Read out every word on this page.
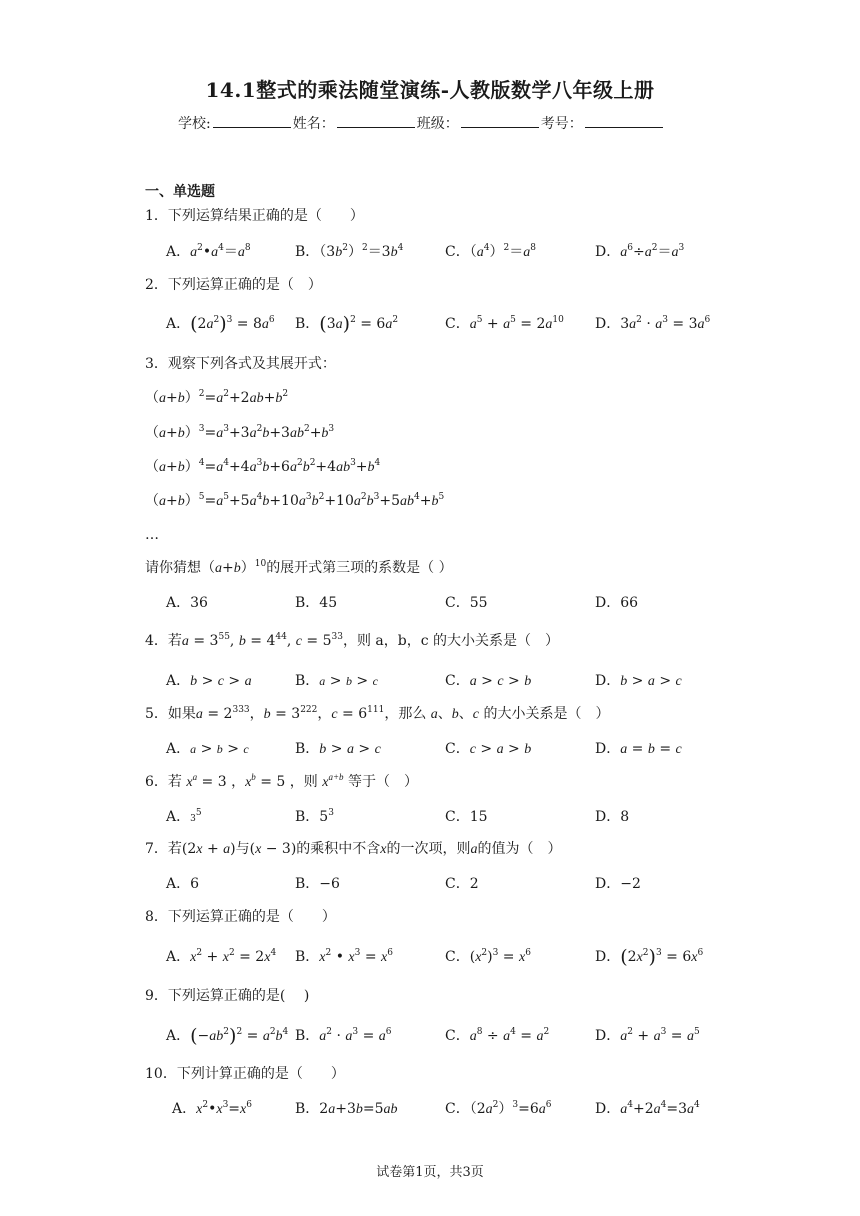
14.1整式的乘法随堂演练-人教版数学八年级上册
学校:	姓名：	班级：	考号：
一、单选题
1．下列运算结果正确的是（　　）
A．$a^2•a^4=a^8$	B．$(3b^2)^2=3b^4$	C．$(a^4)^2=a^8$	D．$a^6\div a^2=a^3$
2．下列运算正确的是（　）
A．$(2a^2)^3 = 8a^6$ B．$(3a)^2 = 6a^2$	C．$a^5 + a^5 = 2a^{10}$ D．$3a^2 \cdot a^3 = 3a^6$
3．观察下列各式及其展开式：
$(a+b)^2=a^2+2ab+b^2$
$(a+b)^3=a^3+3a^2b+3ab^2+b^3$
$(a+b)^4=a^4+4a^3b+6a^2b^2+4ab^3+b^4$
$(a+b)^5=a^5+5a^4b+10a^3b^2+10a^2b^3+5ab^4+b^5$
…
请你猜想$(a+b)^{10}$的展开式第三项的系数是（ ）
A．36	B．45	C．55	D．66
4．若$a = 3^{55}$, $b = 4^{44}$, $c = 5^{33}$，则 a，b，c 的大小关系是（　）
A．b > c > a	B．a > b > c	C．a > c > b	D．b > a > c
5．如果$a = 2^{333}$，$b = 3^{222}$，$c = 6^{111}$，那么 a、b、c 的大小关系是（　）
A．a > b > c	B．b > a > c	C．c > a > b	D．a = b = c
6．若 $x^a = 3$ ，$x^b = 5$ ，则 $x^{a+b}$ 等于（　）
A．$3^5$	B．$5^3$	C．15	D．8
7．若(2x + a)与(x − 3)的乘积中不含x的一次项，则a的值为（　）
A．6	B．−6	C．2	D．−2
8．下列运算正确的是（　　）
A．$x^2 + x^2 = 2x^4$ B．$x^2$ • $x^3 = x^6$	C．$(x^2)^3 = x^6$	D．$(2x^2)^3 = 6x^6$
9．下列运算正确的是(　 )
A．$(-ab^2)^2 = a^2b^4$ B．$a^2 \cdot a^3 = a^6$	C．$a^8 \div a^4 = a^2$	D．$a^2 + a^3 = a^5$
10．下列计算正确的是（　　）
A．$x^2•x^3=x^6$	B．2a+3b=5ab	C．$(2a^2)^3=6a^6$	D．$a^4+2a^4=3a^4$
试卷第1页，共3页
